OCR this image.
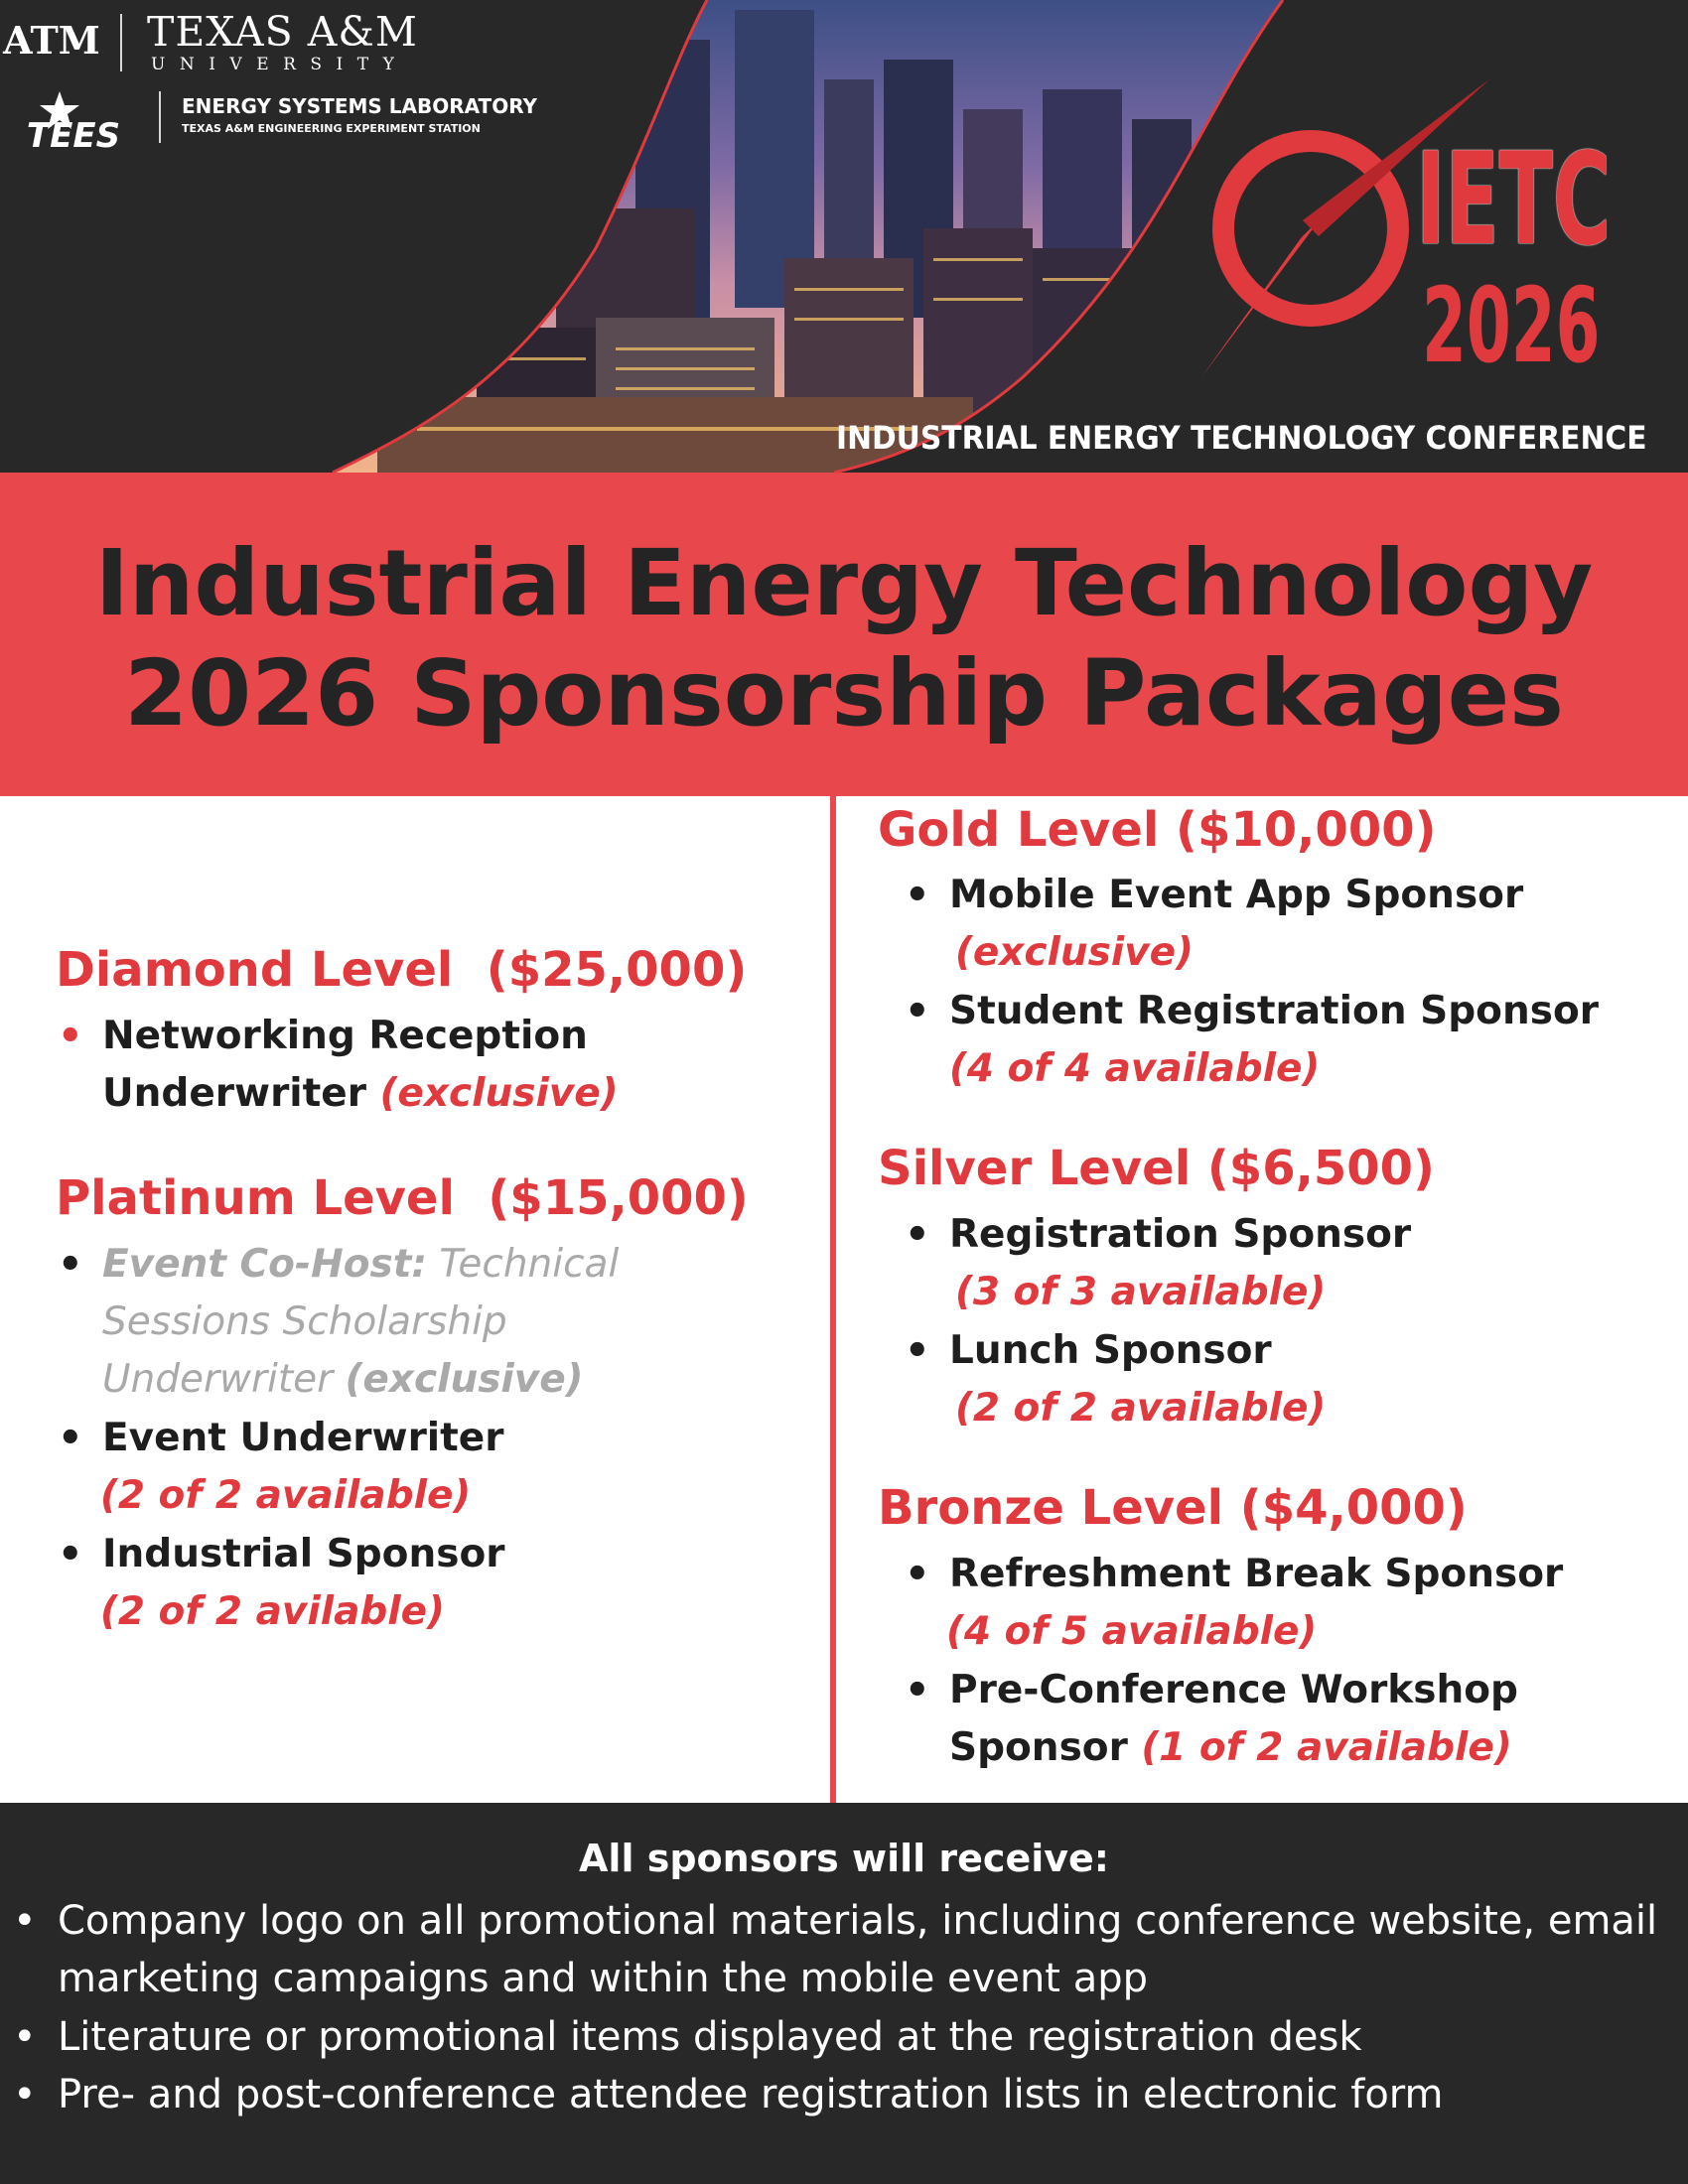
ATM TEXAS A&M
UNIVERSITY
TEES
ENERGY SYSTEMS LABORATORY
TEXAS A&M ENGINEERING EXPERIMENT STATION	IETC
2026
INDUSTRIAL ENERGY TECHNOLOGY CONFERENCE
Industrial Energy Technology
2026 Sponsorship Packages
Diamond Level  ($25,000)
• Networking Reception
Underwriter (exclusive)
Platinum Level  ($15,000)
• Event Co-Host: Technical
Sessions Scholarship
Underwriter (exclusive)
• Event Underwriter
(2 of 2 available)
• Industrial Sponsor
(2 of 2 avilable)
Gold Level ($10,000)
• Mobile Event App Sponsor
(exclusive)
• Student Registration Sponsor
(4 of 4 available)
Silver Level ($6,500)
• Registration Sponsor
(3 of 3 available)
• Lunch Sponsor
(2 of 2 available)
Bronze Level ($4,000)
• Refreshment Break Sponsor
(4 of 5 available)
• Pre-Conference Workshop
Sponsor (1 of 2 available)
All sponsors will receive:
• Company logo on all promotional materials, including conference website, email
marketing campaigns and within the mobile event app
• Literature or promotional items displayed at the registration desk
• Pre- and post-conference attendee registration lists in electronic form
